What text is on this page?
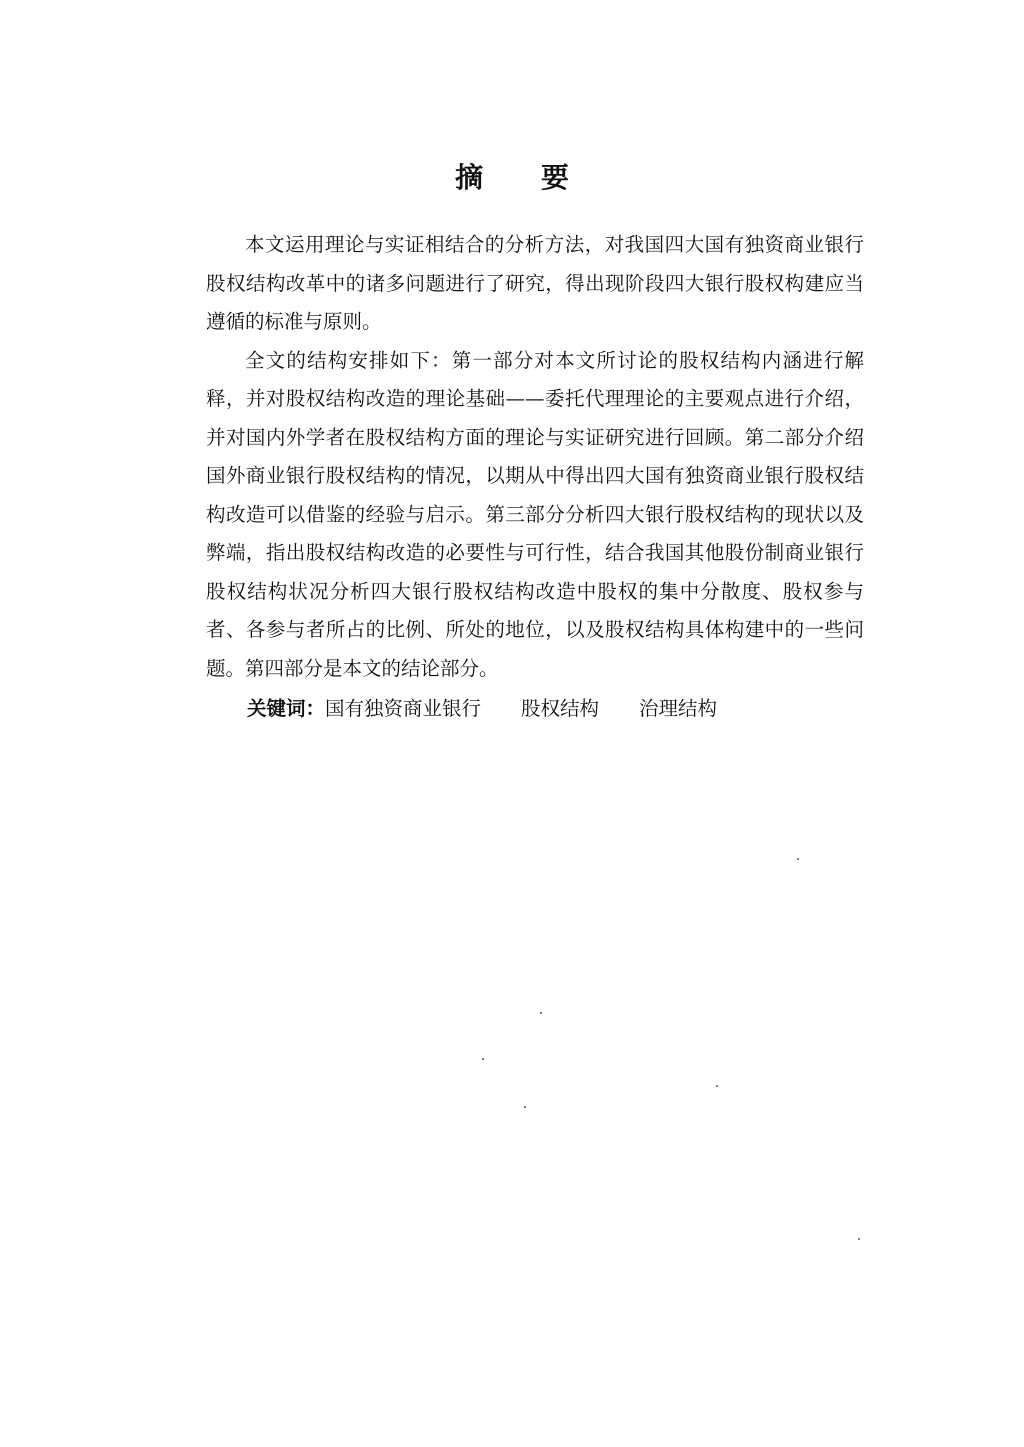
摘 要

本文运用理论与实证相结合的分析方法，对我国四大国有独资商业银行股权结构改革中的诸多问题进行了研究，得出现阶段四大银行股权构建应当遵循的标准与原则。

全文的结构安排如下：第一部分对本文所讨论的股权结构内涵进行解释，并对股权结构改造的理论基础——委托代理理论的主要观点进行介绍，并对国内外学者在股权结构方面的理论与实证研究进行回顾。第二部分介绍国外商业银行股权结构的情况，以期从中得出四大国有独资商业银行股权结构改造可以借鉴的经验与启示。第三部分分析四大银行股权结构的现状以及弊端，指出股权结构改造的必要性与可行性，结合我国其他股份制商业银行股权结构状况分析四大银行股权结构改造中股权的集中分散度、股权参与者、各参与者所占的比例、所处的地位，以及股权结构具体构建中的一些问题。第四部分是本文的结论部分。

关键词：国有独资商业银行 股权结构 治理结构
